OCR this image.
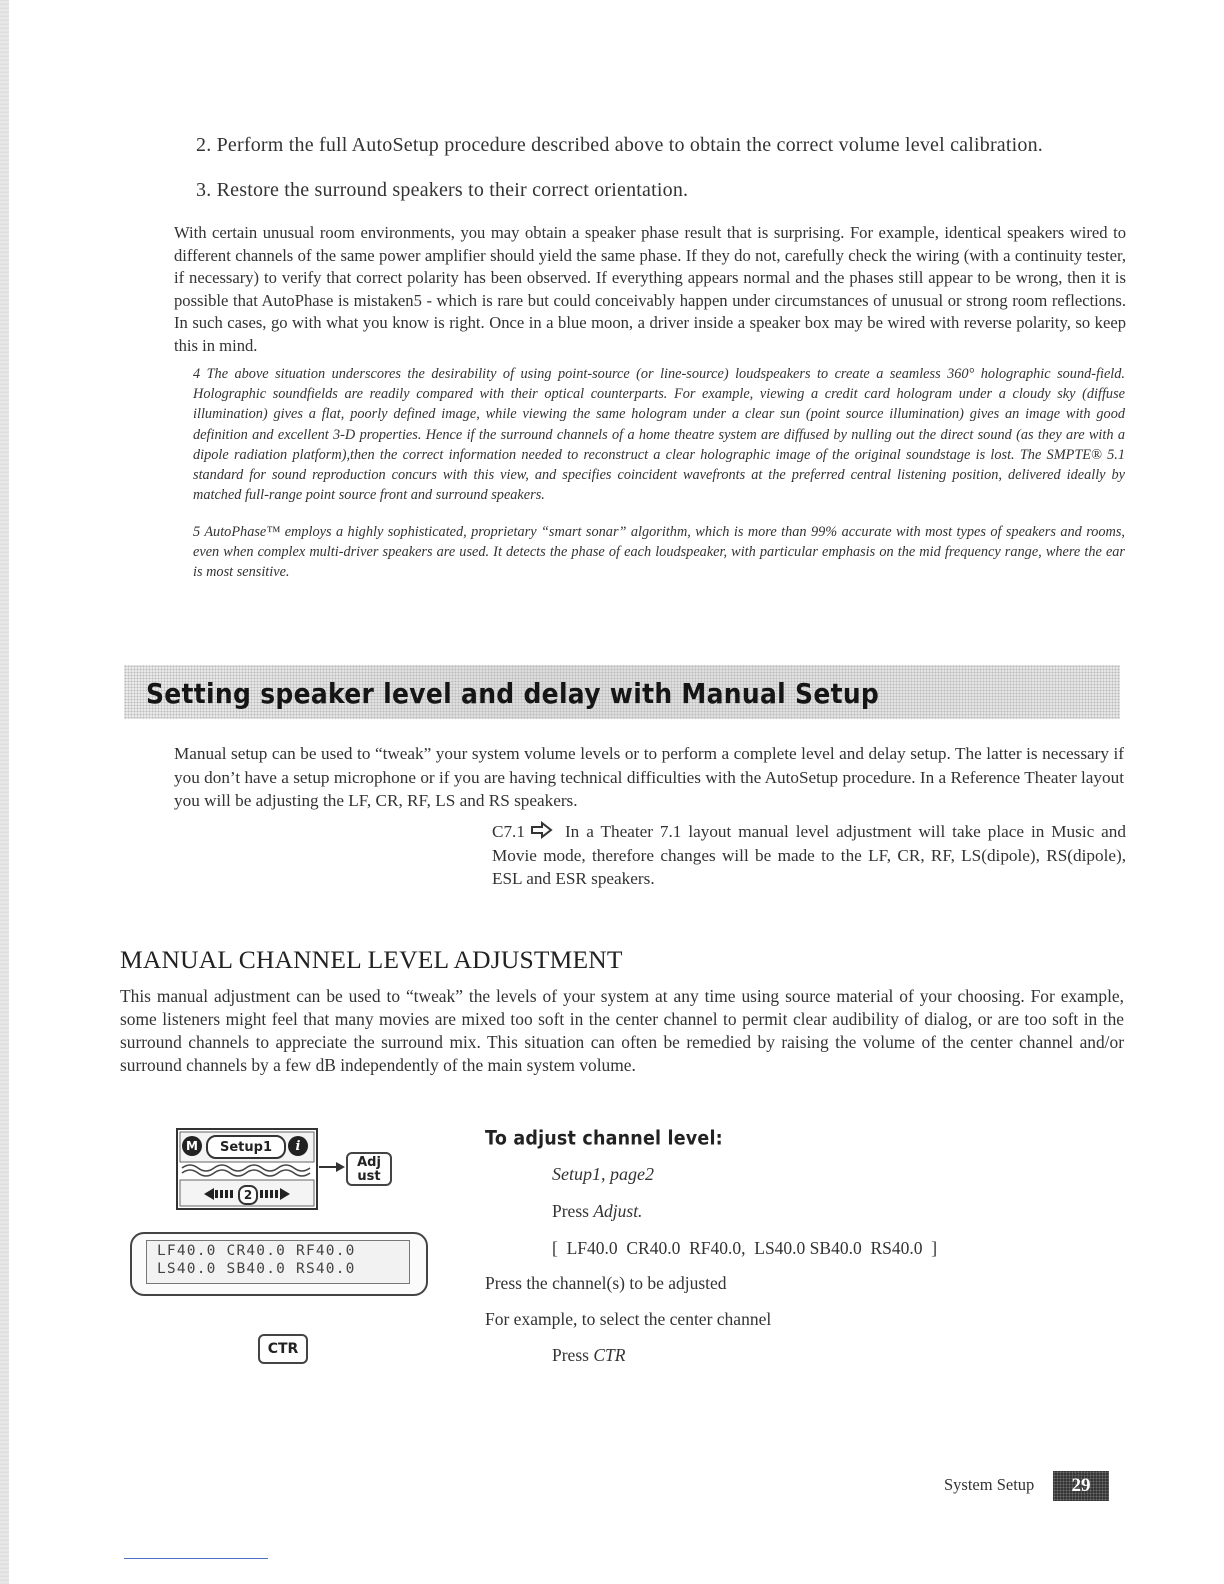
2. Perform the full AutoSetup procedure described above to obtain the correct volume level calibration.
3. Restore the surround speakers to their correct orientation.

With certain unusual room environments, you may obtain a speaker phase result that is surprising. For example, identical speakers wired to different channels of the same power amplifier should yield the same phase. If they do not, carefully check the wiring (with a continuity tester, if necessary) to verify that correct polarity has been observed. If everything appears normal and the phases still appear to be wrong, then it is possible that AutoPhase is mistaken5 - which is rare but could conceivably happen under circumstances of unusual or strong room reflections. In such cases, go with what you know is right. Once in a blue moon, a driver inside a speaker box may be wired with reverse polarity, so keep this in mind.

4 The above situation underscores the desirability of using point-source (or line-source) loudspeakers to create a seamless 360° holographic sound-field. Holographic soundfields are readily compared with their optical counterparts. For example, viewing a credit card hologram under a cloudy sky (diffuse illumination) gives a flat, poorly defined image, while viewing the same hologram under a clear sun (point source illumination) gives an image with good definition and excellent 3-D properties. Hence if the surround channels of a home theatre system are diffused by nulling out the direct sound (as they are with a dipole radiation platform),then the correct information needed to reconstruct a clear holographic image of the original soundstage is lost. The SMPTE® 5.1 standard for sound reproduction concurs with this view, and specifies coincident wavefronts at the preferred central listening position, delivered ideally by matched full-range point source front and surround speakers.

5 AutoPhase™ employs a highly sophisticated, proprietary “smart sonar” algorithm, which is more than 99% accurate with most types of speakers and rooms, even when complex multi-driver speakers are used. It detects the phase of each loudspeaker, with particular emphasis on the mid frequency range, where the ear is most sensitive.

Setting speaker level and delay with Manual Setup

Manual setup can be used to “tweak” your system volume levels or to perform a complete level and delay setup. The latter is necessary if you don’t have a setup microphone or if you are having technical difficulties with the AutoSetup procedure. In a Reference Theater layout you will be adjusting the LF, CR, RF, LS and RS speakers.

C7.1 In a Theater 7.1 layout manual level adjustment will take place in Music and Movie mode, therefore changes will be made to the LF, CR, RF, LS(dipole), RS(dipole), ESL and ESR speakers.

MANUAL CHANNEL LEVEL ADJUSTMENT

This manual adjustment can be used to “tweak” the levels of your system at any time using source material of your choosing. For example, some listeners might feel that many movies are mixed too soft in the center channel to permit clear audibility of dialog, or are too soft in the surround channels to appreciate the surround mix. This situation can often be remedied by raising the volume of the center channel and/or surround channels by a few dB independently of the main system volume.

M	Setup1	i
2
Adj
ust
LF40.0 CR40.0 RF40.0
LS40.0 SB40.0 RS40.0
CTR
To adjust channel level:
Setup1, page2
Press Adjust.
[  LF40.0  CR40.0  RF40.0,  LS40.0 SB40.0  RS40.0  ]
Press the channel(s) to be adjusted
For example, to select the center channel
Press CTR
System Setup	29
